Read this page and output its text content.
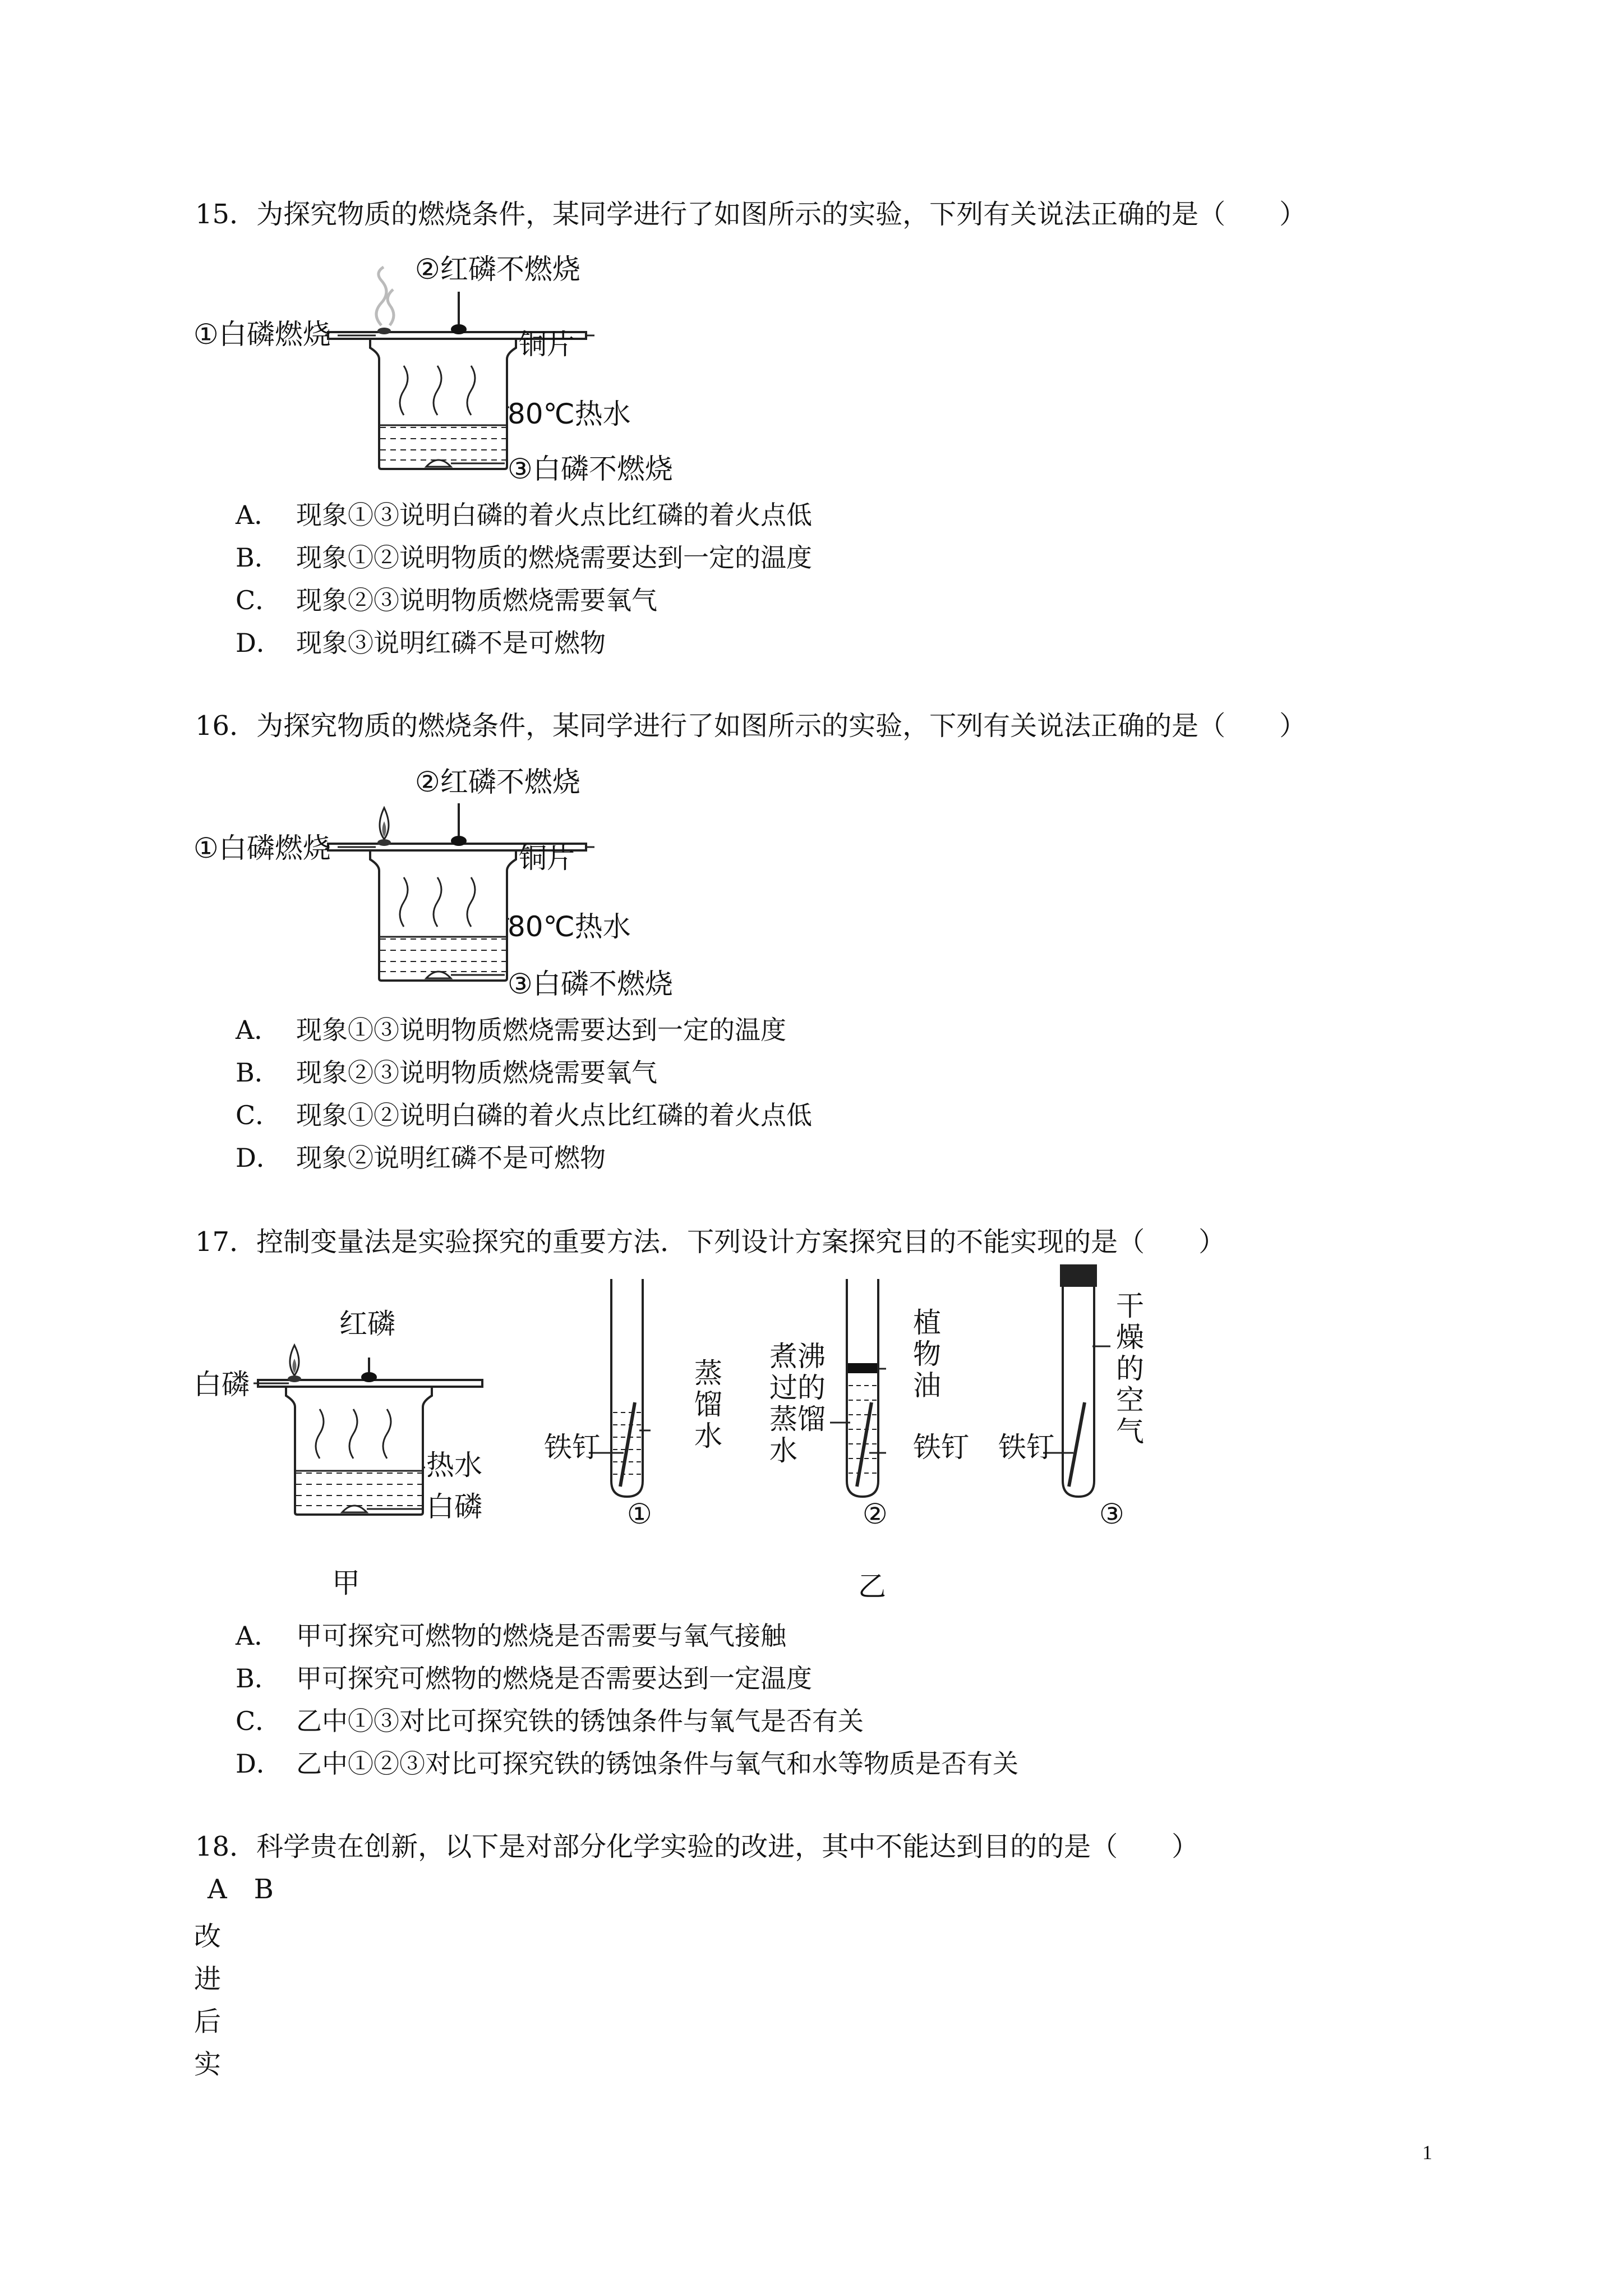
15．为探究物质的燃烧条件，某同学进行了如图所示的实验，下列有关说法正确的是（　　）
②红磷不燃烧
①白磷燃烧	铜片
80℃热水
③白磷不燃烧
A． 现象①③说明白磷的着火点比红磷的着火点低
B． 现象①②说明物质的燃烧需要达到一定的温度
C． 现象②③说明物质燃烧需要氧气
D． 现象③说明红磷不是可燃物
16．为探究物质的燃烧条件，某同学进行了如图所示的实验，下列有关说法正确的是（　　）
②红磷不燃烧
①白磷燃烧	铜片
80℃热水
③白磷不燃烧
A． 现象①③说明物质燃烧需要达到一定的温度
B． 现象②③说明物质燃烧需要氧气
C． 现象①②说明白磷的着火点比红磷的着火点低
D． 现象②说明红磷不是可燃物
17．控制变量法是实验探究的重要方法．下列设计方案探究目的不能实现的是（　　）
红磷
白磷
热水
白磷
甲
铁钉
蒸
馏
水
①
煮沸
过的
蒸馏
水
植
物
油
铁钉
②
铁钉
干
燥
的
空
气
③
乙
A． 甲可探究可燃物的燃烧是否需要与氧气接触
B． 甲可探究可燃物的燃烧是否需要达到一定温度
C． 乙中①③对比可探究铁的锈蚀条件与氧气是否有关
D． 乙中①②③对比可探究铁的锈蚀条件与氧气和水等物质是否有关
18．科学贵在创新，以下是对部分化学实验的改进，其中不能达到目的的是（　　）
A　B
改
进
后
实
1
